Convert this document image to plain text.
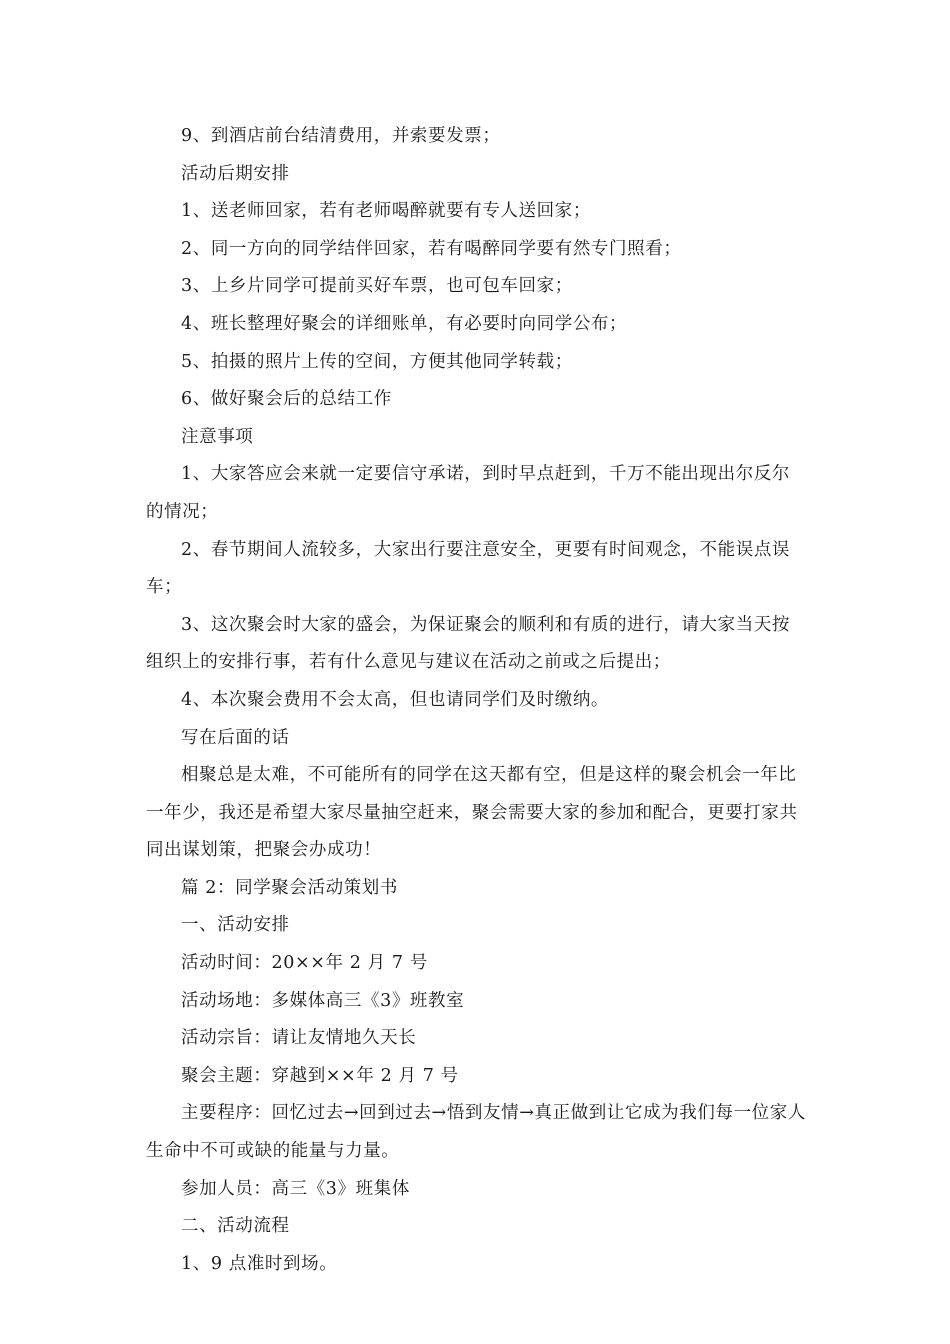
9、到酒店前台结清费用，并索要发票；

活动后期安排

1、送老师回家，若有老师喝醉就要有专人送回家；

2、同一方向的同学结伴回家，若有喝醉同学要有然专门照看；

3、上乡片同学可提前买好车票，也可包车回家；

4、班长整理好聚会的详细账单，有必要时向同学公布；

5、拍摄的照片上传的空间，方便其他同学转载；

6、做好聚会后的总结工作

注意事项

1、大家答应会来就一定要信守承诺，到时早点赶到，千万不能出现出尔反尔的情况；

2、春节期间人流较多，大家出行要注意安全，更要有时间观念，不能误点误车；

3、这次聚会时大家的盛会，为保证聚会的顺利和有质的进行，请大家当天按组织上的安排行事，若有什么意见与建议在活动之前或之后提出；

4、本次聚会费用不会太高，但也请同学们及时缴纳。

写在后面的话

相聚总是太难，不可能所有的同学在这天都有空，但是这样的聚会机会一年比一年少，我还是希望大家尽量抽空赶来，聚会需要大家的参加和配合，更要打家共同出谋划策，把聚会办成功！

篇 2：同学聚会活动策划书

一、活动安排

活动时间：20××年 2 月 7 号

活动场地：多媒体高三《3》班教室

活动宗旨：请让友情地久天长

聚会主题：穿越到××年 2 月 7 号

主要程序：回忆过去→回到过去→悟到友情→真正做到让它成为我们每一位家人生命中不可或缺的能量与力量。

参加人员：高三《3》班集体

二、活动流程

1、9 点准时到场。
